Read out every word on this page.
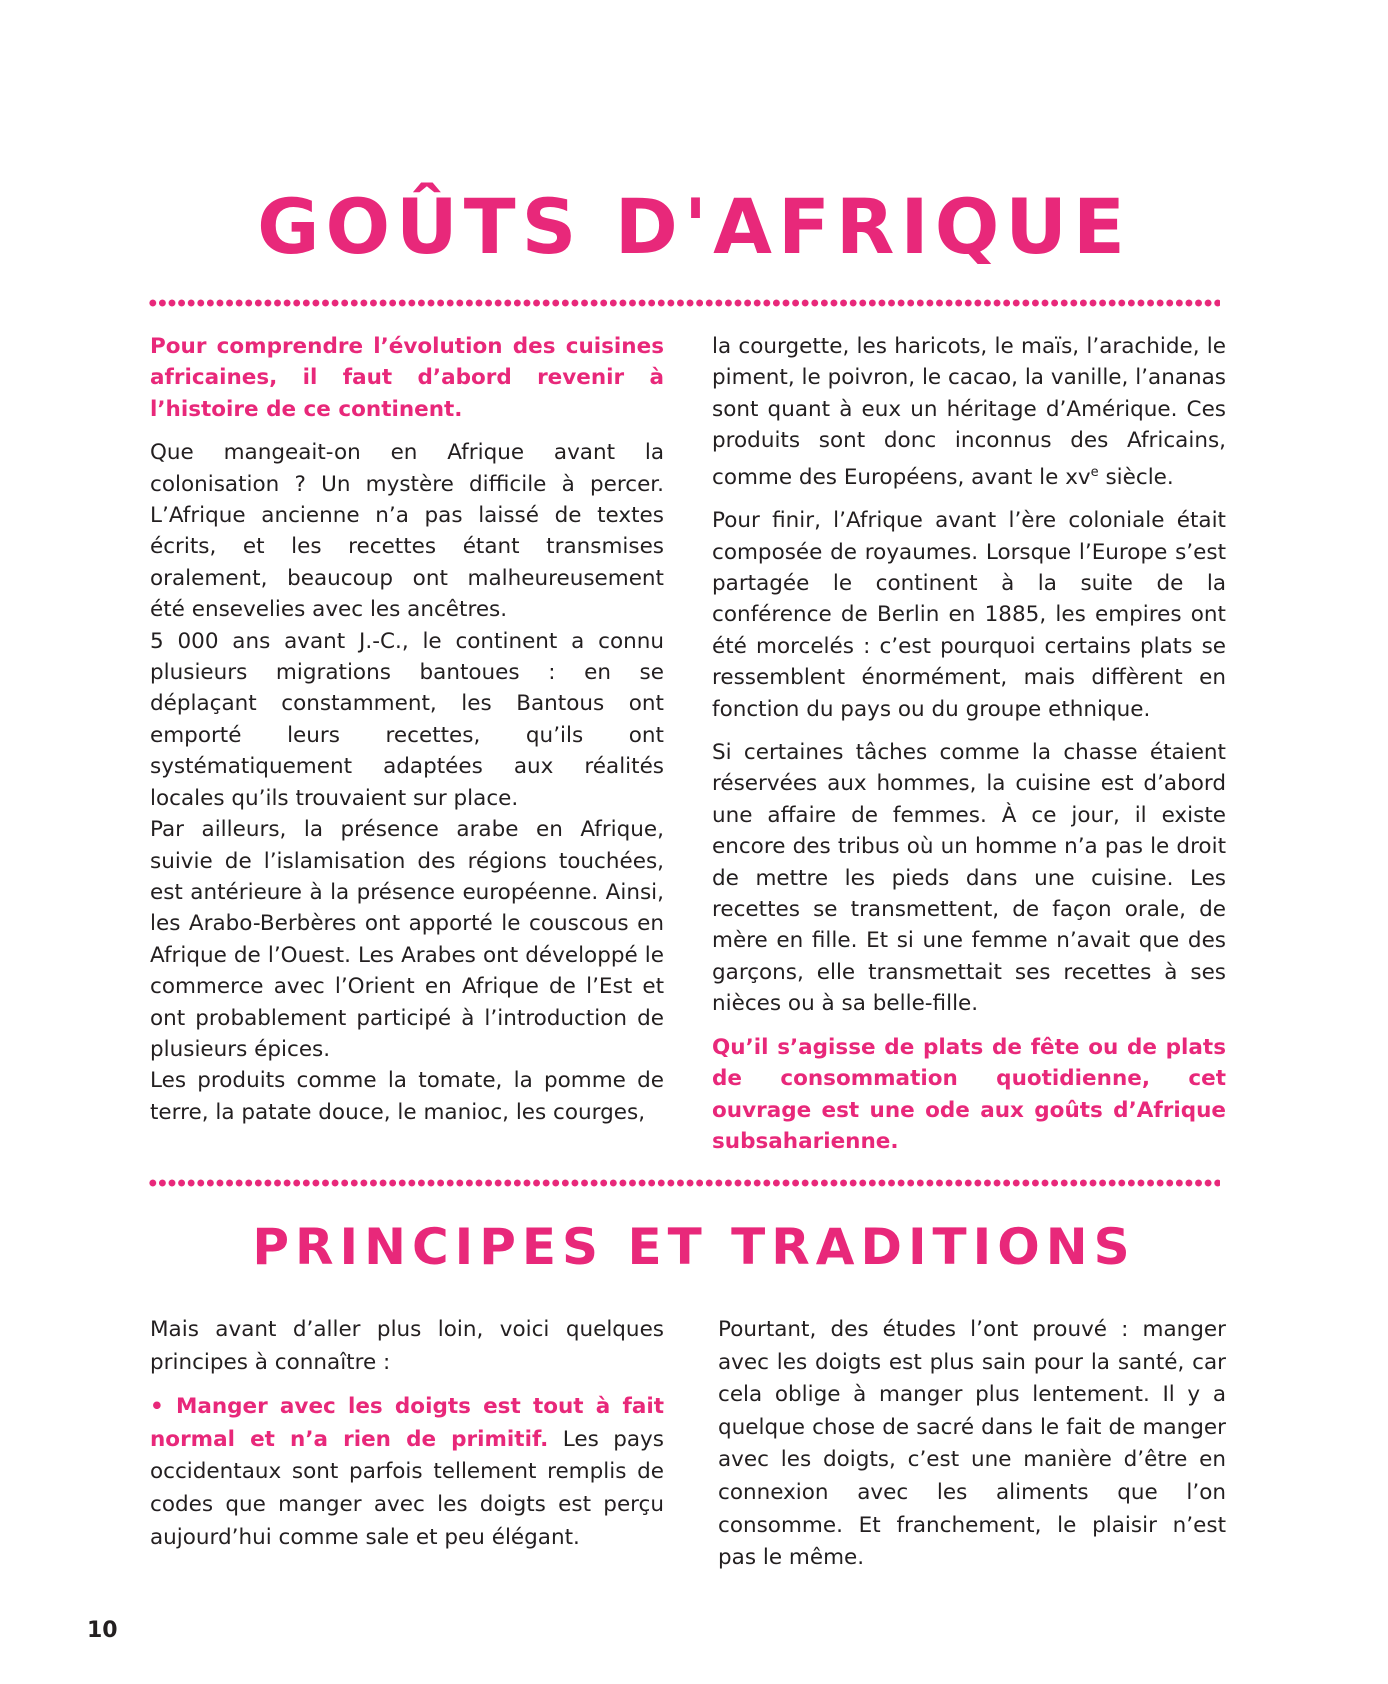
GOÛTS D'AFRIQUE

Pour comprendre l’évolution des cuisines africaines, il faut d’abord revenir à l’histoire de ce continent.

Que mangeait-on en Afrique avant la colonisation ? Un mystère difficile à percer. L’Afrique ancienne n’a pas laissé de textes écrits, et les recettes étant transmises oralement, beaucoup ont malheureusement été ensevelies avec les ancêtres.

5 000 ans avant J.-C., le continent a connu plusieurs migrations bantoues : en se déplaçant constamment, les Bantous ont emporté leurs recettes, qu’ils ont systématiquement adaptées aux réalités locales qu’ils trouvaient sur place.

Par ailleurs, la présence arabe en Afrique, suivie de l’islamisation des régions touchées, est antérieure à la présence européenne. Ainsi, les Arabo-Berbères ont apporté le couscous en Afrique de l’Ouest. Les Arabes ont développé le commerce avec l’Orient en Afrique de l’Est et ont probablement participé à l’introduction de plusieurs épices.

Les produits comme la tomate, la pomme de terre, la patate douce, le manioc, les courges,

la courgette, les haricots, le maïs, l’arachide, le piment, le poivron, le cacao, la vanille, l’ananas sont quant à eux un héritage d’Amérique. Ces produits sont donc inconnus des Africains, comme des Européens, avant le $xv^e$ siècle.

Pour finir, l’Afrique avant l’ère coloniale était composée de royaumes. Lorsque l’Europe s’est partagée le continent à la suite de la conférence de Berlin en 1885, les empires ont été morcelés : c’est pourquoi certains plats se ressemblent énormément, mais diffèrent en fonction du pays ou du groupe ethnique.

Si certaines tâches comme la chasse étaient réservées aux hommes, la cuisine est d’abord une affaire de femmes. À ce jour, il existe encore des tribus où un homme n’a pas le droit de mettre les pieds dans une cuisine. Les recettes se transmettent, de façon orale, de mère en fille. Et si une femme n’avait que des garçons, elle transmettait ses recettes à ses nièces ou à sa belle-fille.

Qu’il s’agisse de plats de fête ou de plats de consommation quotidienne, cet ouvrage est une ode aux goûts d’Afrique subsaharienne.

PRINCIPES ET TRADITIONS

Mais avant d’aller plus loin, voici quelques principes à connaître :

• Manger avec les doigts est tout à fait normal et n’a rien de primitif. Les pays occidentaux sont parfois tellement remplis de codes que manger avec les doigts est perçu aujourd’hui comme sale et peu élégant.

Pourtant, des études l’ont prouvé : manger avec les doigts est plus sain pour la santé, car cela oblige à manger plus lentement. Il y a quelque chose de sacré dans le fait de manger avec les doigts, c’est une manière d’être en connexion avec les aliments que l’on consomme. Et franchement, le plaisir n’est pas le même.

10
